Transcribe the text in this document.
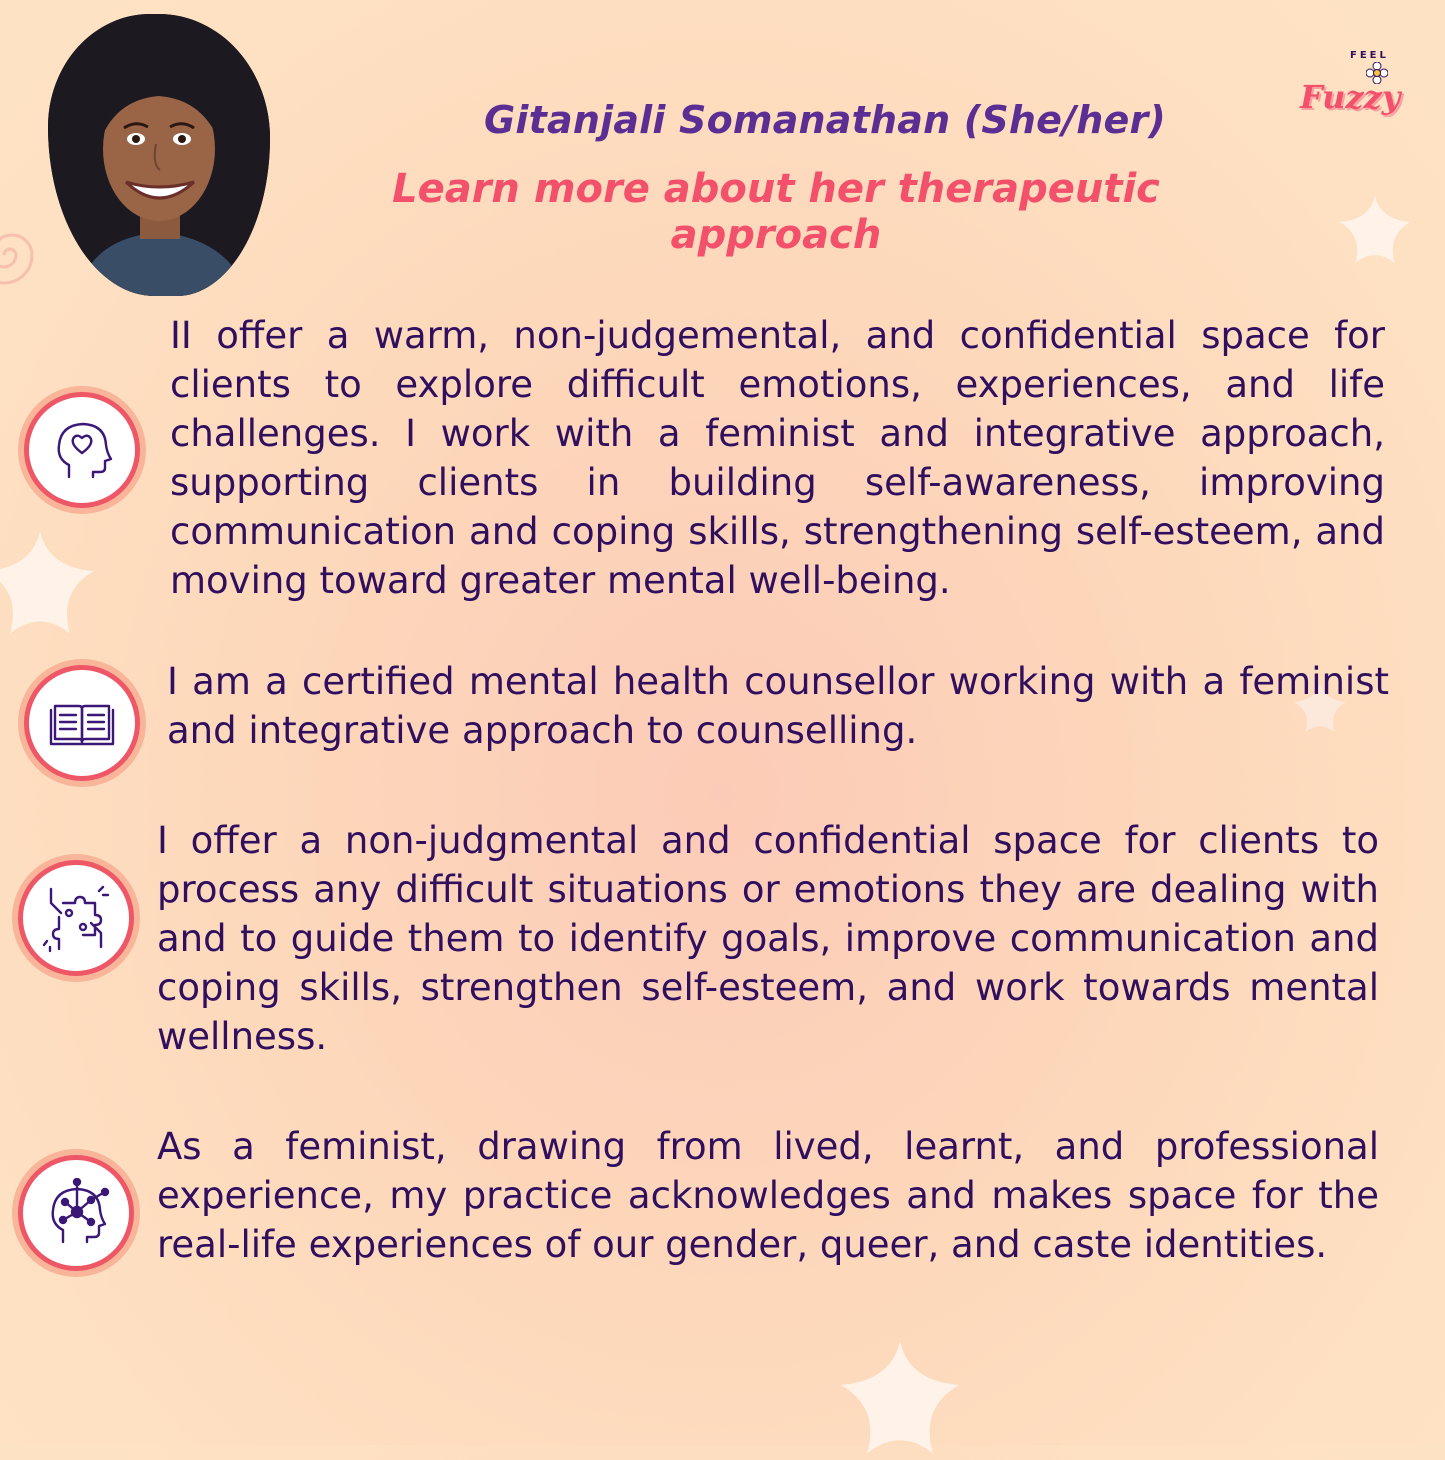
Gitanjali Somanathan (She/her)
Learn more about her therapeutic approach
FEEL
Fuzzy

II offer a warm, non-judgemental, and confidential space for clients to explore difficult emotions, experiences, and life challenges. I work with a feminist and integrative approach, supporting clients in building self-awareness, improving communication and coping skills, strengthening self-esteem, and moving toward greater mental well-being.

I am a certified mental health counsellor working with a feminist and integrative approach to counselling.

I offer a non-judgmental and confidential space for clients to process any difficult situations or emotions they are dealing with and to guide them to identify goals, improve communication and coping skills, strengthen self-esteem, and work towards mental wellness.

As a feminist, drawing from lived, learnt, and professional experience, my practice acknowledges and makes space for the real-life experiences of our gender, queer, and caste identities.
